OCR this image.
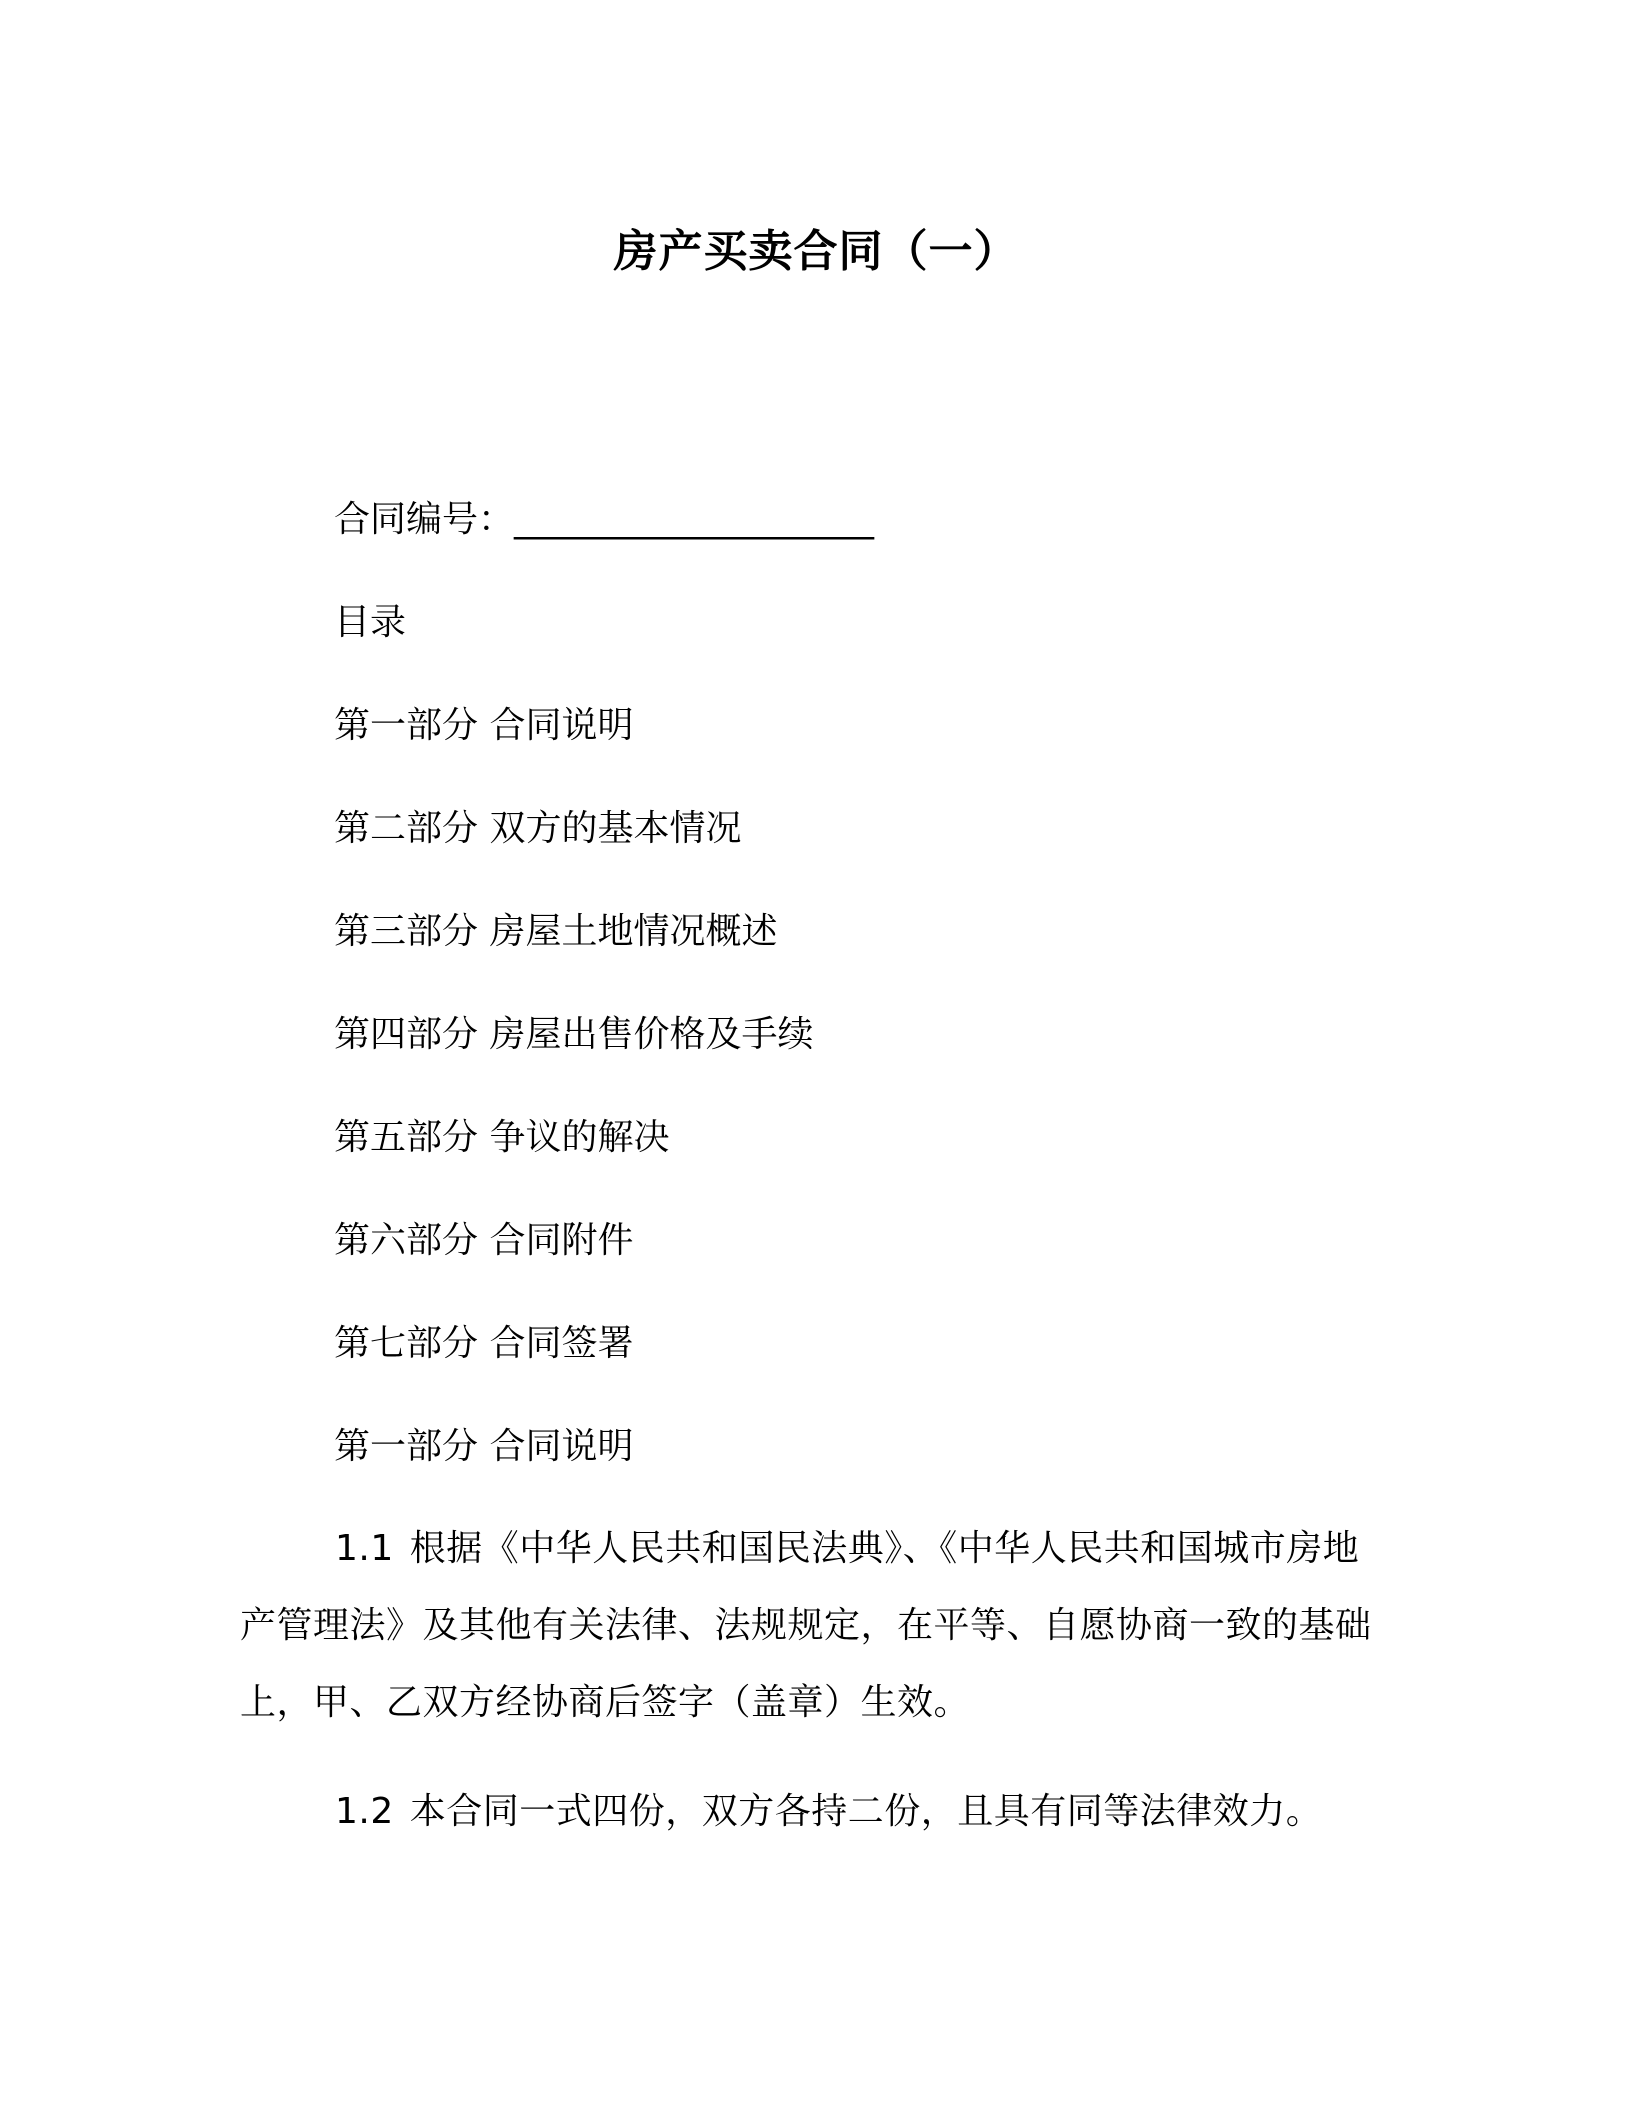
房产买卖合同（一）
合同编号：____________________
目录
第一部分 合同说明
第二部分 双方的基本情况
第三部分 房屋土地情况概述
第四部分 房屋出售价格及手续
第五部分 争议的解决
第六部分 合同附件
第七部分 合同签署
第一部分 合同说明
1.1 根据《中华人民共和国民法典》、《中华人民共和国城市房地产管理法》及其他有关法律、法规规定，在平等、自愿协商一致的基础上，甲、乙双方经协商后签字（盖章）生效。
1.2 本合同一式四份，双方各持二份，且具有同等法律效力。
